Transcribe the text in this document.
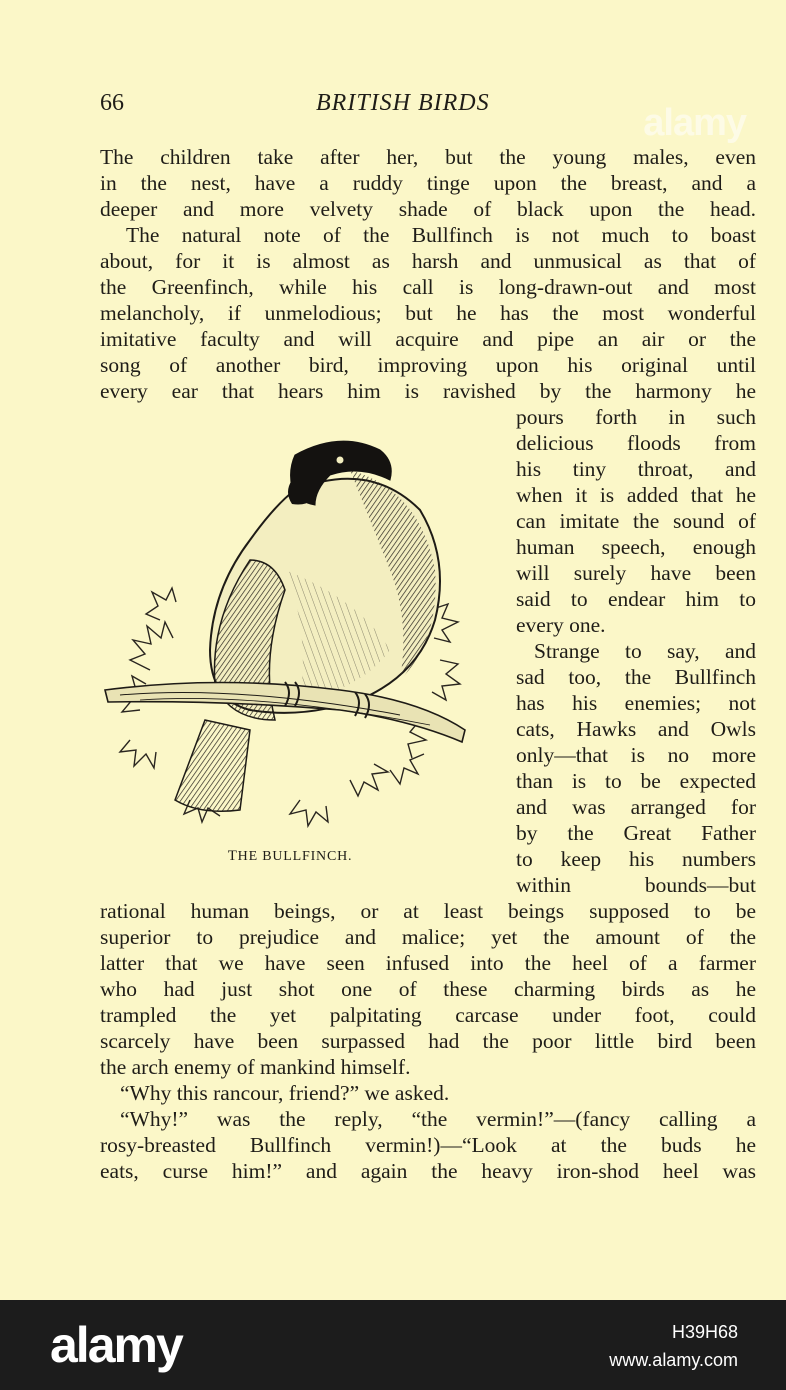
66	BRITISH BIRDS	alamy
The children take after her, but the young males, even
in the nest, have a ruddy tinge upon the breast, and a
deeper and more velvety shade of black upon the head.
The natural note of the Bullfinch is not much to boast
about, for it is almost as harsh and unmusical as that of
the Greenfinch, while his call is long-drawn-out and most
melancholy, if unmelodious; but he has the most wonderful
imitative faculty and will acquire and pipe an air or the
song of another bird, improving upon his original until
every ear that hears him is ravished by the harmony he
pours forth in such
delicious floods from
his tiny throat, and
when it is added that he
can imitate the sound of
human speech, enough
will surely have been
said to endear him to
every one.
Strange to say, and
sad too, the Bullfinch
has his enemies; not
cats, Hawks and Owls
only—that is no more
than is to be expected
and was arranged for
by the Great Father
to keep his numbers
within bounds—but
rational human beings, or at least beings supposed to be
superior to prejudice and malice; yet the amount of the
latter that we have seen infused into the heel of a farmer
who had just shot one of these charming birds as he
trampled the yet palpitating carcase under foot, could
scarcely have been surpassed had the poor little bird been
the arch enemy of mankind himself.
“Why this rancour, friend?” we asked.
“Why!” was the reply, “the vermin!”—(fancy calling a
rosy-breasted Bullfinch vermin!)—“Look at the buds he
eats, curse him!” and again the heavy iron-shod heel was
THE BULLFINCH.
alamy	H39H68
www.alamy.com
